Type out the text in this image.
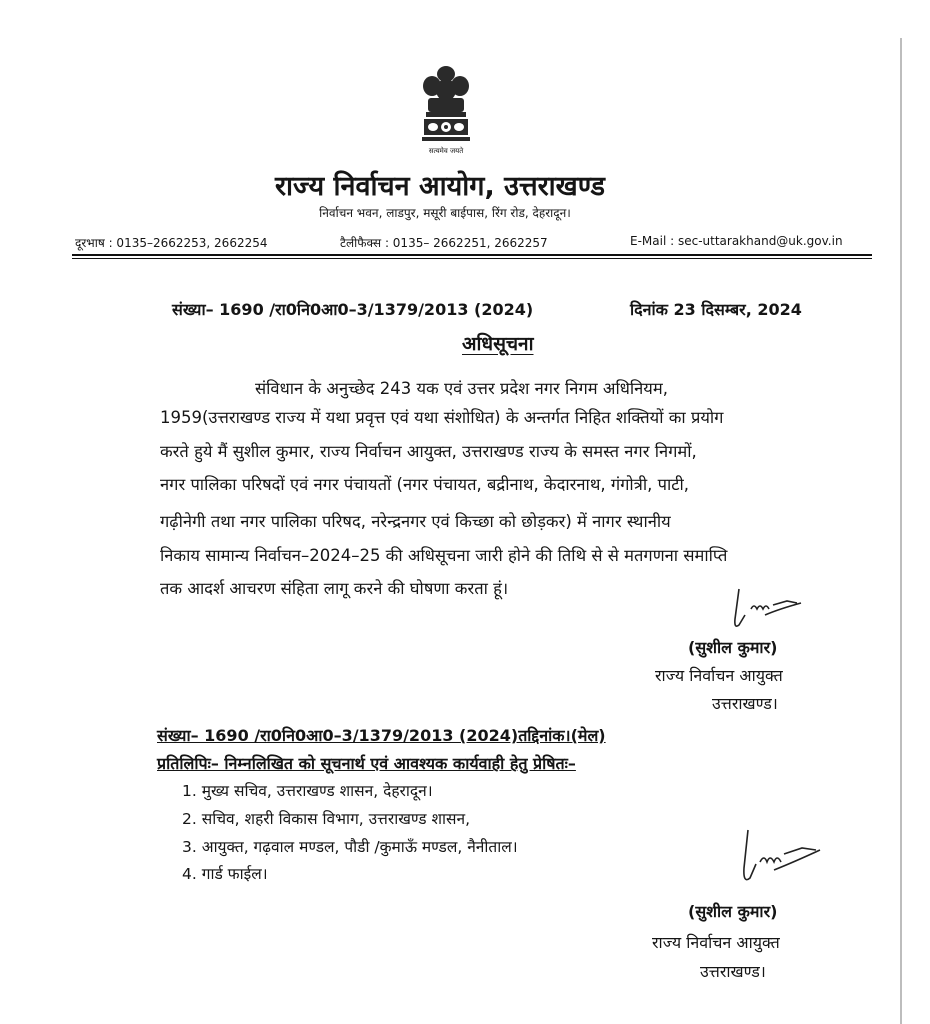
सत्यमेव जयते
राज्य निर्वाचन आयोग, उत्तराखण्ड
निर्वाचन भवन, लाडपुर, मसूरी बाईपास, रिंग रोड, देहरादून।
दूरभाष : 0135–2662253, 2662254	टैलीफैक्स : 0135– 2662251, 2662257	E-Mail : sec-uttarakhand@uk.gov.in
संख्या– 1690 /रा0नि0आ0–3/1379/2013 (2024)	दिनांक 23 दिसम्बर, 2024
अधिसूचना
संविधान के अनुच्छेद 243 यक एवं उत्तर प्रदेश नगर निगम अधिनियम,
1959(उत्तराखण्ड राज्य में यथा प्रवृत्त एवं यथा संशोधित) के अन्तर्गत निहित शक्तियों का प्रयोग
करते हुये मैं सुशील कुमार, राज्य निर्वाचन आयुक्त, उत्तराखण्ड राज्य के समस्त नगर निगमों,
नगर पालिका परिषदों एवं नगर पंचायतों (नगर पंचायत, बद्रीनाथ, केदारनाथ, गंगोत्री, पाटी,
गढ़ीनेगी तथा नगर पालिका परिषद, नरेन्द्रनगर एवं किच्छा को छोड़कर) में नागर स्थानीय
निकाय सामान्य निर्वाचन–2024–25 की अधिसूचना जारी होने की तिथि से से मतगणना समाप्ति
तक आदर्श आचरण संहिता लागू करने की घोषणा करता हूं।
(सुशील कुमार)
राज्य निर्वाचन आयुक्त
उत्तराखण्ड।
संख्या– 1690 /रा0नि0आ0–3/1379/2013 (2024)तद्दिनांक।(मेल)
प्रतिलिपिः– निम्नलिखित को सूचनार्थ एवं आवश्यक कार्यवाही हेतु प्रेषितः–
1. मुख्य सचिव, उत्तराखण्ड शासन, देहरादून।
2. सचिव, शहरी विकास विभाग, उत्तराखण्ड शासन,
3. आयुक्त, गढ़वाल मण्डल, पौडी /कुमाऊँ मण्डल, नैनीताल।
4. गार्ड फाईल।
(सुशील कुमार)
राज्य निर्वाचन आयुक्त
उत्तराखण्ड।
